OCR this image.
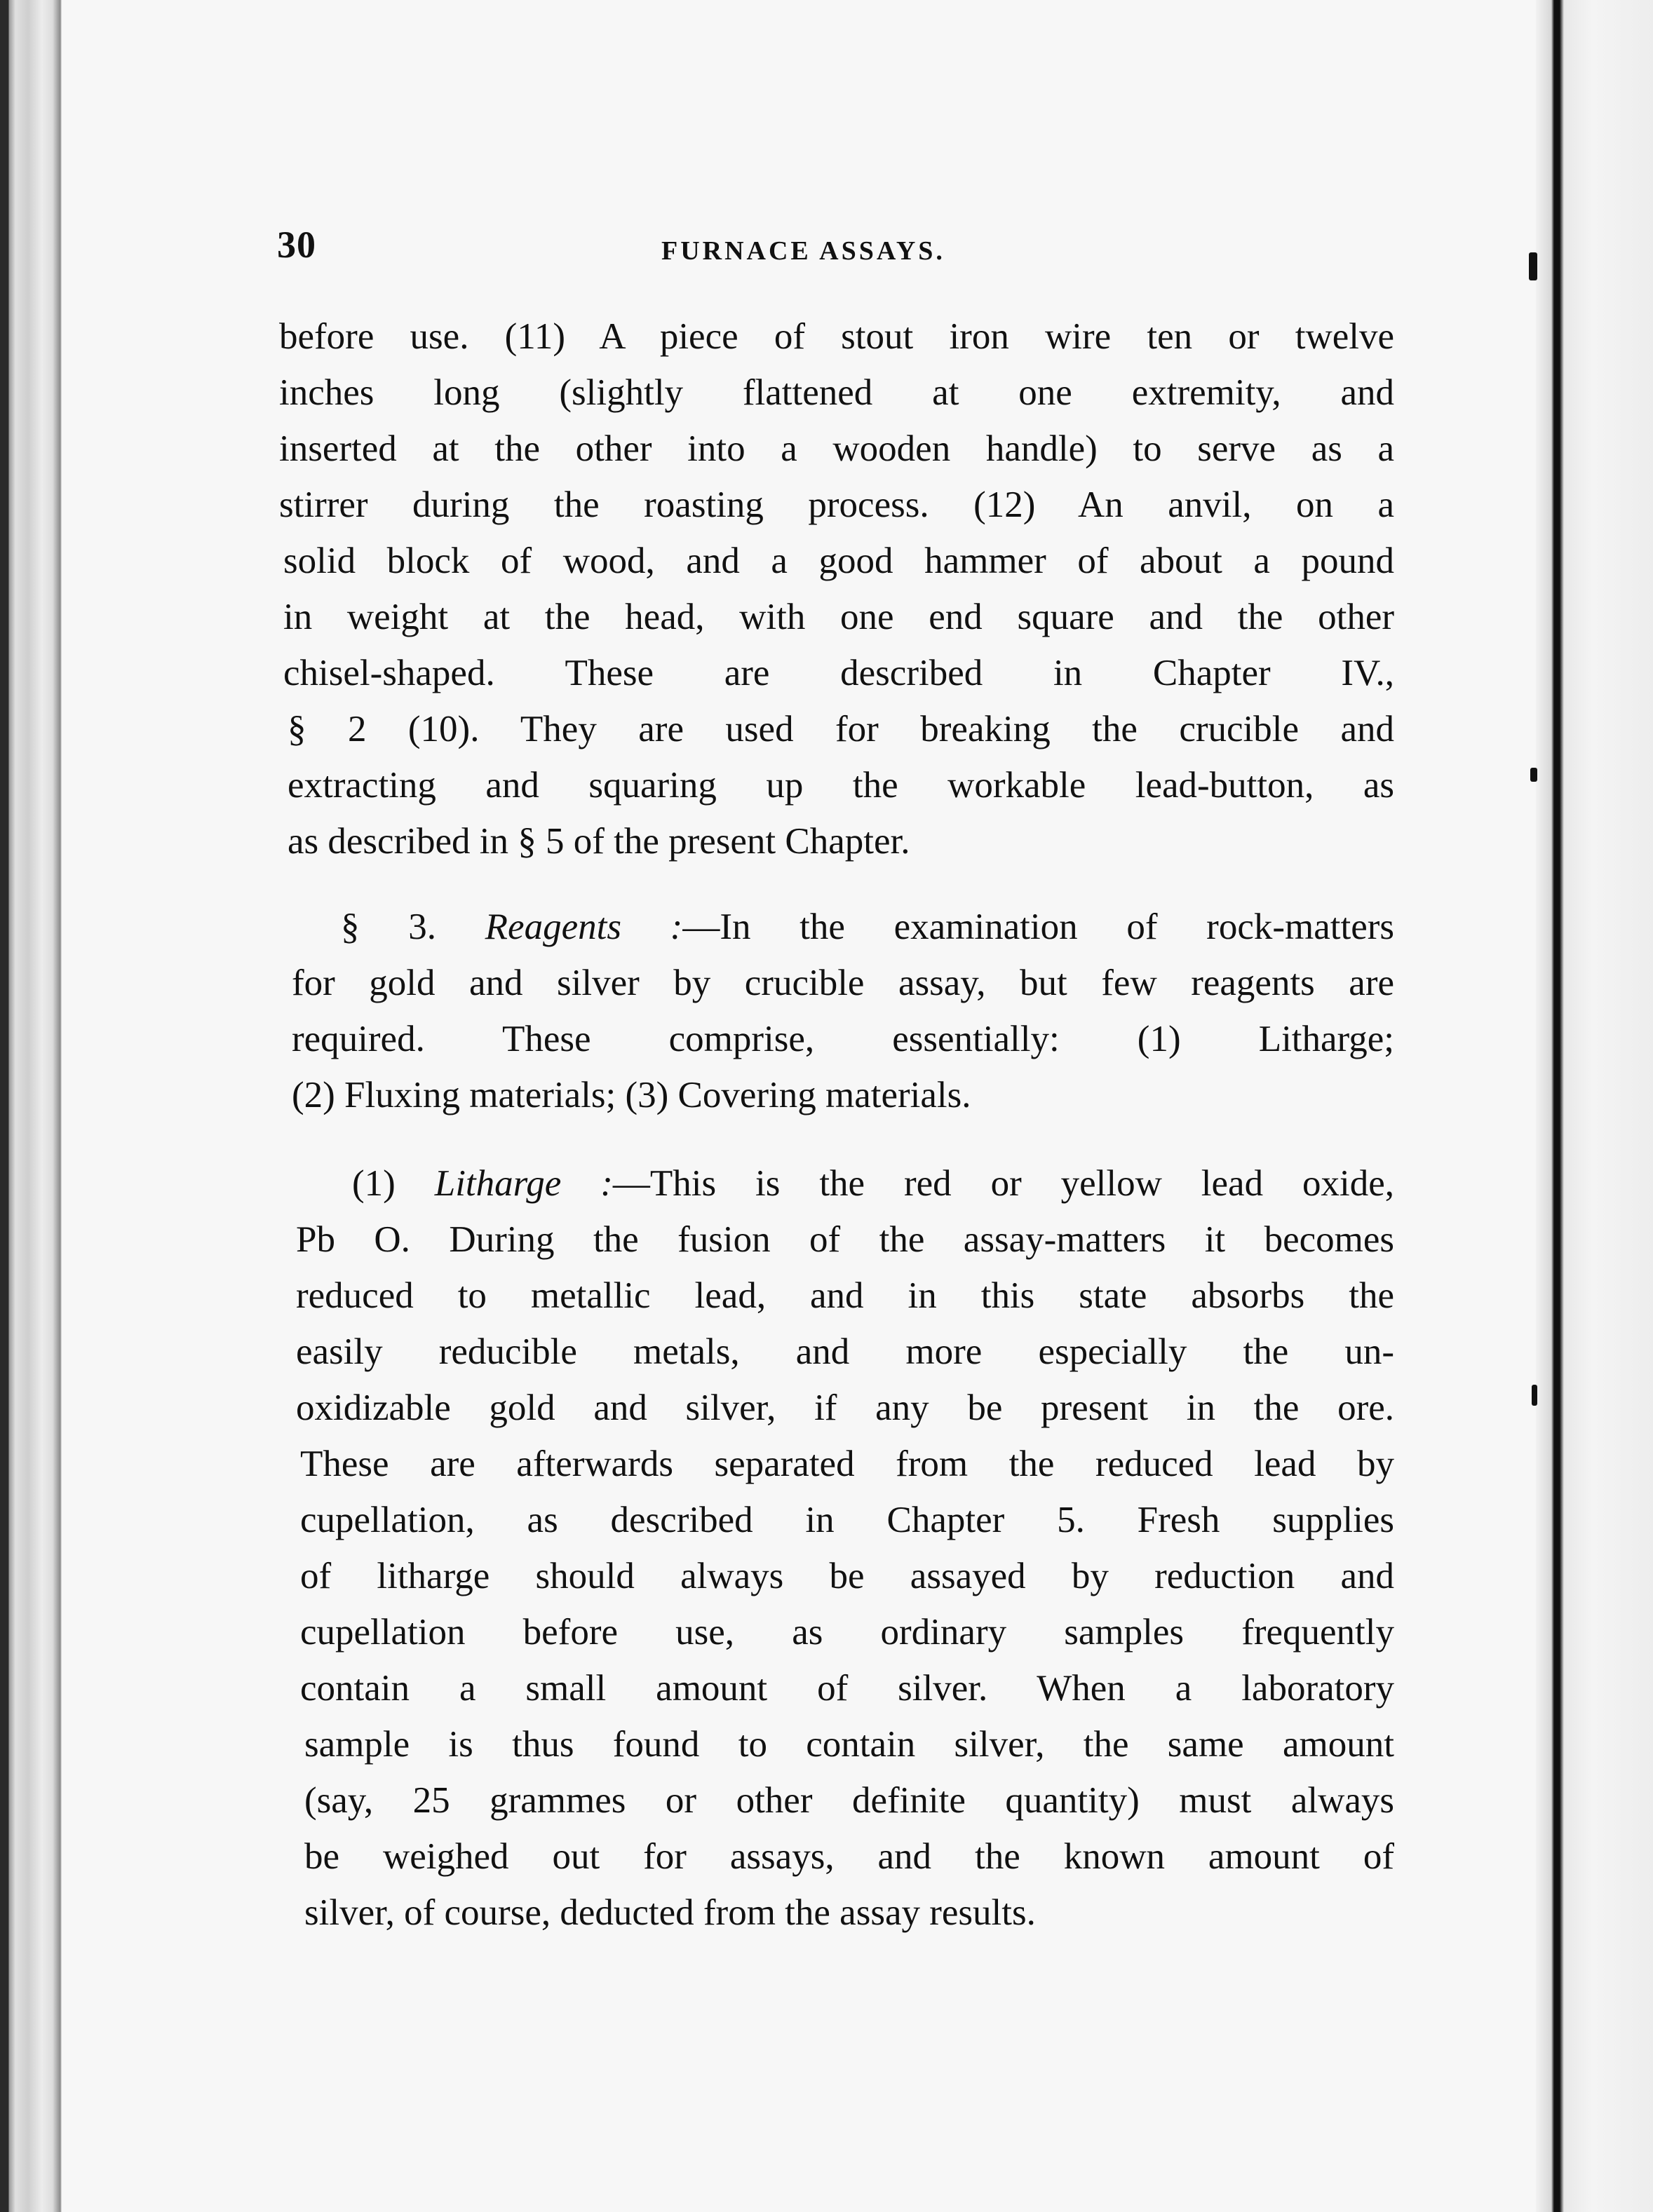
30	FURNACE ASSAYS.
before use. (11) A piece of stout iron wire ten or twelve
inches long (slightly flattened at one extremity, and
inserted at the other into a wooden handle) to serve as a
stirrer during the roasting process. (12) An anvil, on a
solid block of wood, and a good hammer of about a pound
in weight at the head, with one end square and the other
chisel-shaped. These are described in Chapter IV.,
§ 2 (10). They are used for breaking the crucible and
extracting and squaring up the workable lead-button, as
as described in § 5 of the present Chapter.
§ 3. Reagents :—In the examination of rock-matters
for gold and silver by crucible assay, but few reagents are
required. These comprise, essentially: (1) Litharge;
(2) Fluxing materials; (3) Covering materials.
(1) Litharge :—This is the red or yellow lead oxide,
Pb O. During the fusion of the assay-matters it becomes
reduced to metallic lead, and in this state absorbs the
easily reducible metals, and more especially the un-
oxidizable gold and silver, if any be present in the ore.
These are afterwards separated from the reduced lead by
cupellation, as described in Chapter 5. Fresh supplies
of litharge should always be assayed by reduction and
cupellation before use, as ordinary samples frequently
contain a small amount of silver. When a laboratory
sample is thus found to contain silver, the same amount
(say, 25 grammes or other definite quantity) must always
be weighed out for assays, and the known amount of
silver, of course, deducted from the assay results.
